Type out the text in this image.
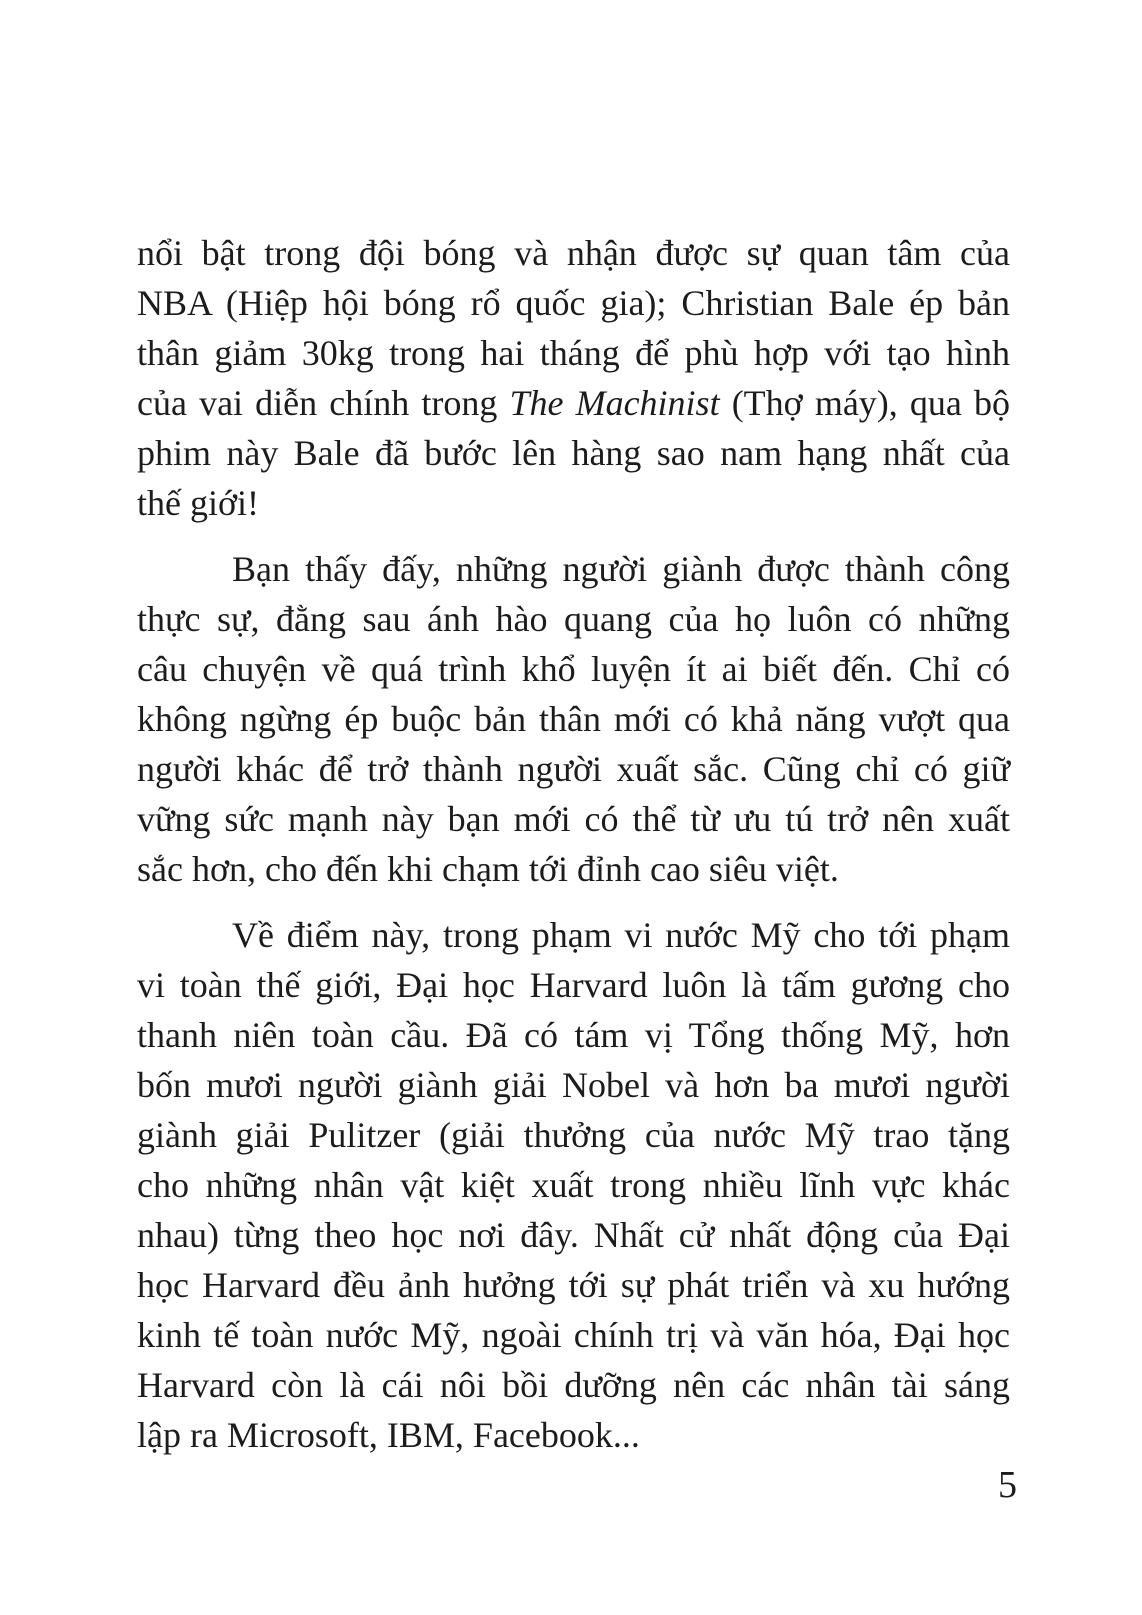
nổi bật trong đội bóng và nhận được sự quan tâm của
NBA (Hiệp hội bóng rổ quốc gia); Christian Bale ép bản
thân giảm 30kg trong hai tháng để phù hợp với tạo hình
của vai diễn chính trong The Machinist (Thợ máy), qua bộ
phim này Bale đã bước lên hàng sao nam hạng nhất của
thế giới!
Bạn thấy đấy, những người giành được thành công
thực sự, đằng sau ánh hào quang của họ luôn có những
câu chuyện về quá trình khổ luyện ít ai biết đến. Chỉ có
không ngừng ép buộc bản thân mới có khả năng vượt qua
người khác để trở thành người xuất sắc. Cũng chỉ có giữ
vững sức mạnh này bạn mới có thể từ ưu tú trở nên xuất
sắc hơn, cho đến khi chạm tới đỉnh cao siêu việt.
Về điểm này, trong phạm vi nước Mỹ cho tới phạm
vi toàn thế giới, Đại học Harvard luôn là tấm gương cho
thanh niên toàn cầu. Đã có tám vị Tổng thống Mỹ, hơn
bốn mươi người giành giải Nobel và hơn ba mươi người
giành giải Pulitzer (giải thưởng của nước Mỹ trao tặng
cho những nhân vật kiệt xuất trong nhiều lĩnh vực khác
nhau) từng theo học nơi đây. Nhất cử nhất động của Đại
học Harvard đều ảnh hưởng tới sự phát triển và xu hướng
kinh tế toàn nước Mỹ, ngoài chính trị và văn hóa, Đại học
Harvard còn là cái nôi bồi dưỡng nên các nhân tài sáng
lập ra Microsoft, IBM, Facebook...
5
